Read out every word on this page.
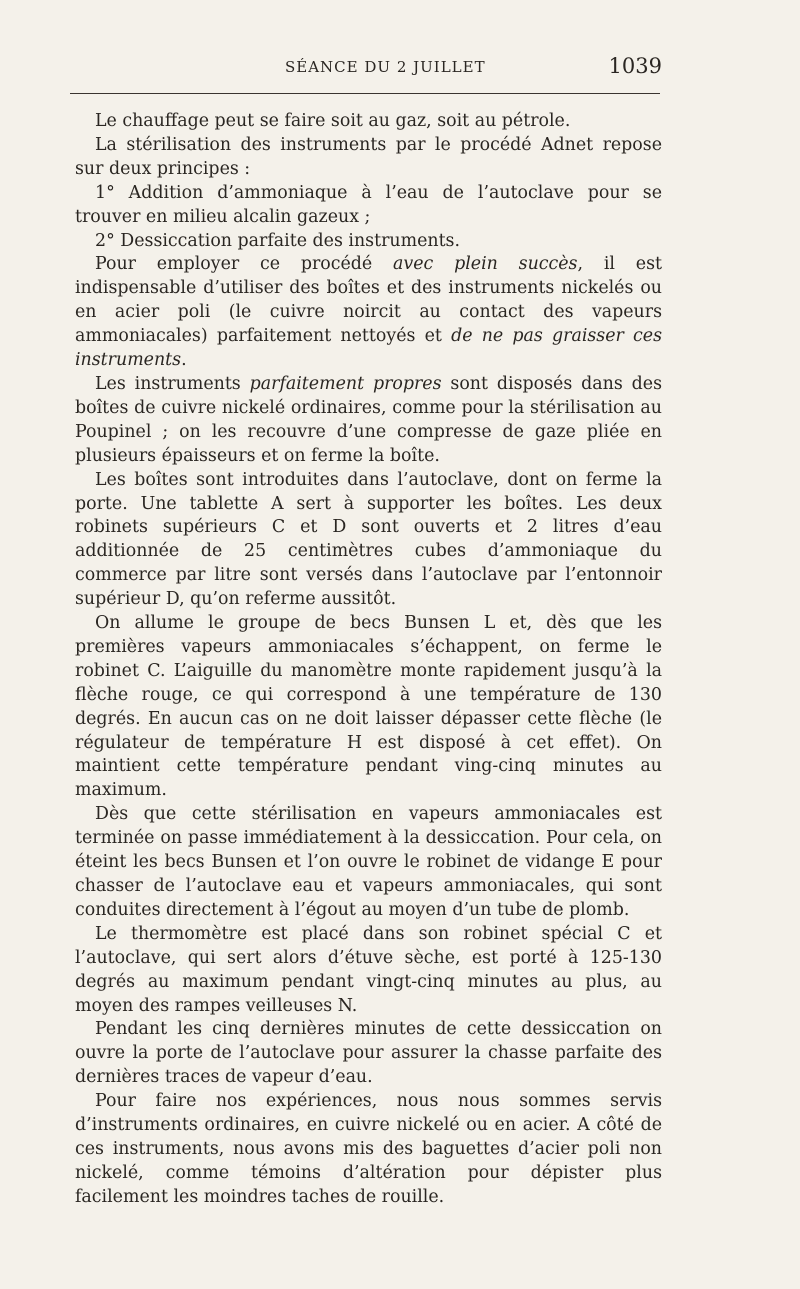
SÉANCE DU 2 JUILLET	1039

Le chauffage peut se faire soit au gaz, soit au pétrole.

La stérilisation des instruments par le procédé Adnet repose sur deux principes :

1° Addition d’ammoniaque à l’eau de l’autoclave pour se trouver en milieu alcalin gazeux ;

2° Dessiccation parfaite des instruments.

Pour employer ce procédé avec plein succès, il est indispensable d’utiliser des boîtes et des instruments nickelés ou en acier poli (le cuivre noircit au contact des vapeurs ammoniacales) parfaitement nettoyés et de ne pas graisser ces instruments.

Les instruments parfaitement propres sont disposés dans des boîtes de cuivre nickelé ordinaires, comme pour la stérilisation au Poupinel ; on les recouvre d’une compresse de gaze pliée en plusieurs épaisseurs et on ferme la boîte.

Les boîtes sont introduites dans l’autoclave, dont on ferme la porte. Une tablette A sert à supporter les boîtes. Les deux robinets supérieurs C et D sont ouverts et 2 litres d’eau additionnée de 25 centimètres cubes d’ammoniaque du commerce par litre sont versés dans l’autoclave par l’entonnoir supérieur D, qu’on referme aussitôt.

On allume le groupe de becs Bunsen L et, dès que les premières vapeurs ammoniacales s’échappent, on ferme le robinet C. L’aiguille du manomètre monte rapidement jusqu’à la flèche rouge, ce qui correspond à une température de 130 degrés. En aucun cas on ne doit laisser dépasser cette flèche (le régulateur de température H est disposé à cet effet). On maintient cette température pendant ving-cinq minutes au maximum.

Dès que cette stérilisation en vapeurs ammoniacales est terminée on passe immédiatement à la dessiccation. Pour cela, on éteint les becs Bunsen et l’on ouvre le robinet de vidange E pour chasser de l’autoclave eau et vapeurs ammoniacales, qui sont conduites directement à l’égout au moyen d’un tube de plomb.

Le thermomètre est placé dans son robinet spécial C et l’autoclave, qui sert alors d’étuve sèche, est porté à 125-130 degrés au maximum pendant vingt-cinq minutes au plus, au moyen des rampes veilleuses N.

Pendant les cinq dernières minutes de cette dessiccation on ouvre la porte de l’autoclave pour assurer la chasse parfaite des dernières traces de vapeur d’eau.

Pour faire nos expériences, nous nous sommes servis d’instruments ordinaires, en cuivre nickelé ou en acier. A côté de ces instruments, nous avons mis des baguettes d’acier poli non nickelé, comme témoins d’altération pour dépister plus facilement les moindres taches de rouille.
